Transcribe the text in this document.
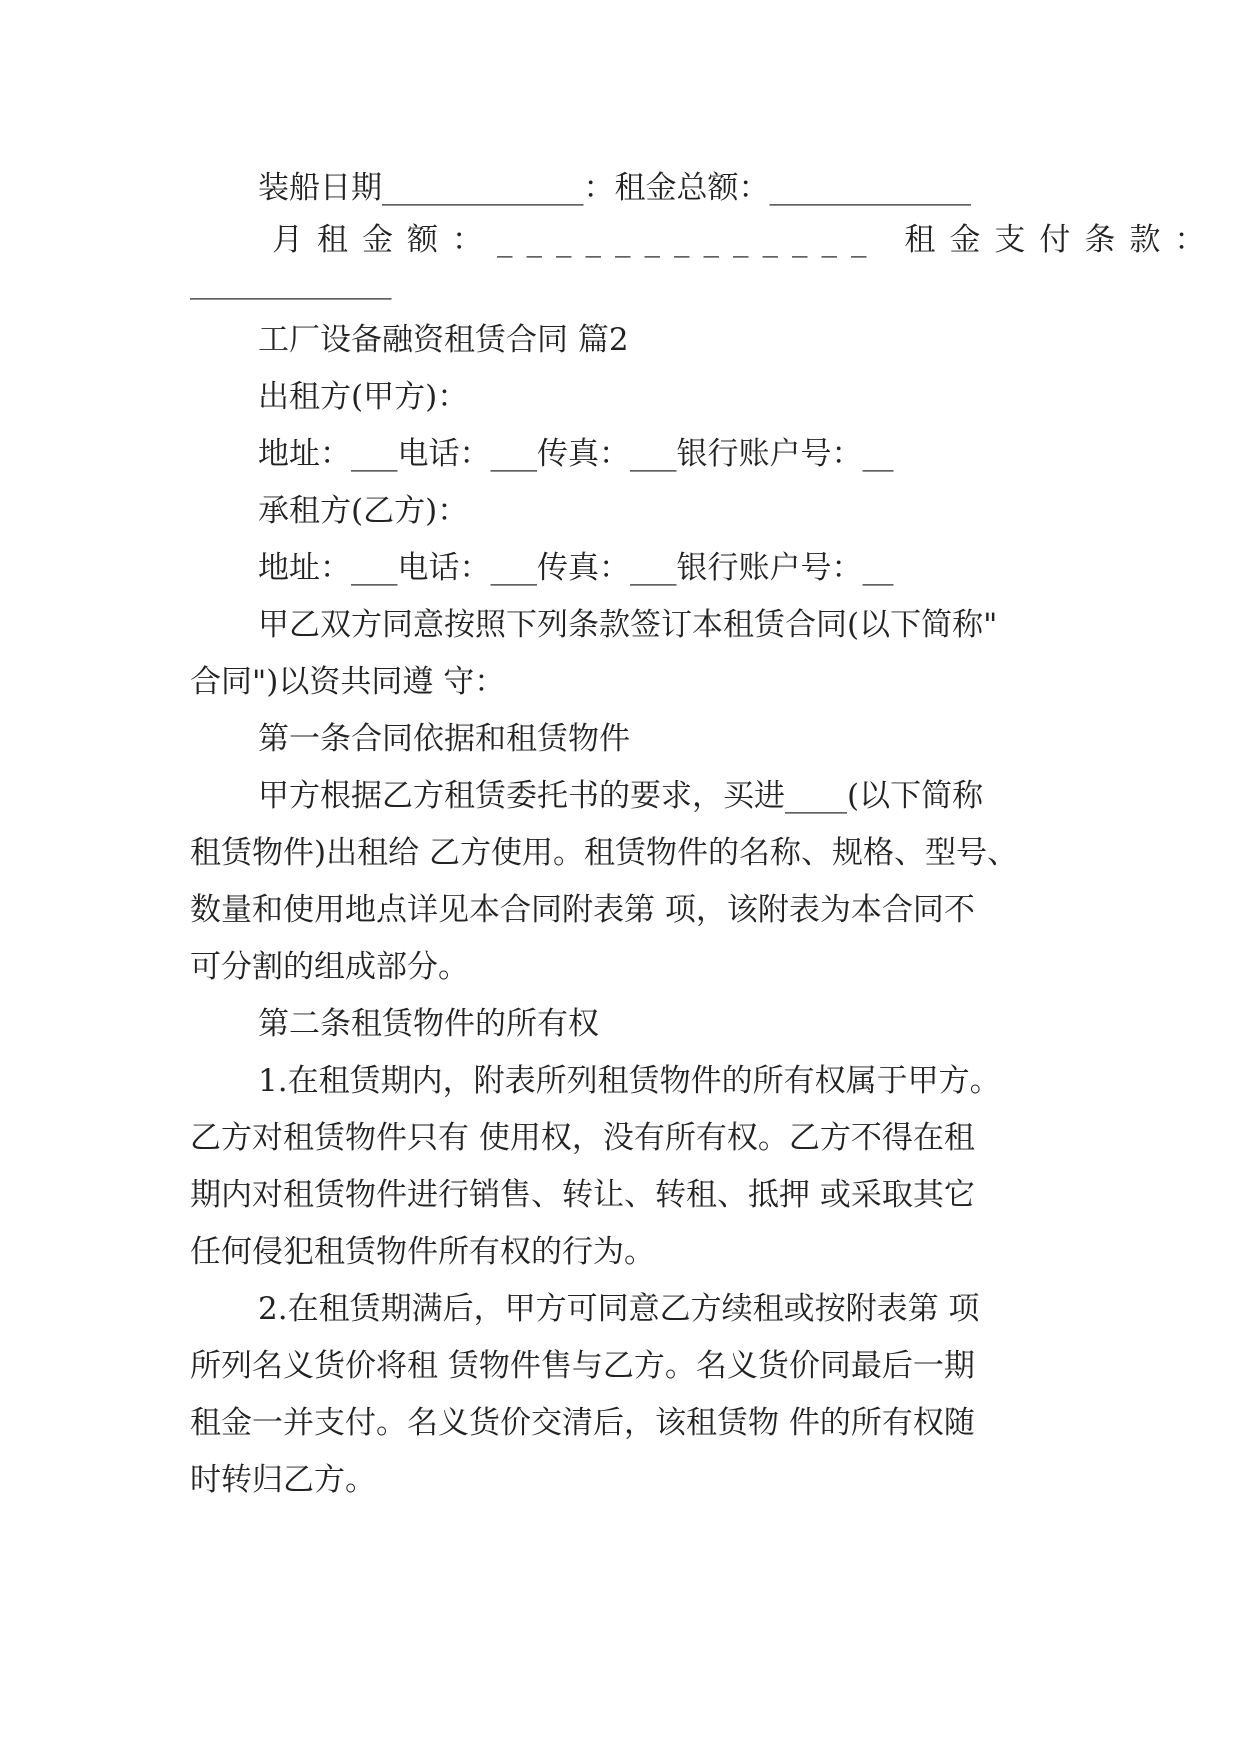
装船日期_____________：租金总额：_____________
月租金额：_____________ 租金支付条款：
_____________
工厂设备融资租赁合同 篇2
出租方(甲方)：
地址：___电话：___传真：___银行账户号：__
承租方(乙方)：
地址：___电话：___传真：___银行账户号：__
甲乙双方同意按照下列条款签订本租赁合同(以下简称"
合同")以资共同遵 守：
第一条合同依据和租赁物件
甲方根据乙方租赁委托书的要求，买进____(以下简称
租赁物件)出租给 乙方使用。租赁物件的名称、规格、型号、
数量和使用地点详见本合同附表第 项，该附表为本合同不
可分割的组成部分。
第二条租赁物件的所有权
1.在租赁期内，附表所列租赁物件的所有权属于甲方。
乙方对租赁物件只有 使用权，没有所有权。乙方不得在租
期内对租赁物件进行销售、转让、转租、抵押 或采取其它
任何侵犯租赁物件所有权的行为。
2.在租赁期满后，甲方可同意乙方续租或按附表第 项
所列名义货价将租 赁物件售与乙方。名义货价同最后一期
租金一并支付。名义货价交清后，该租赁物 件的所有权随
时转归乙方。
